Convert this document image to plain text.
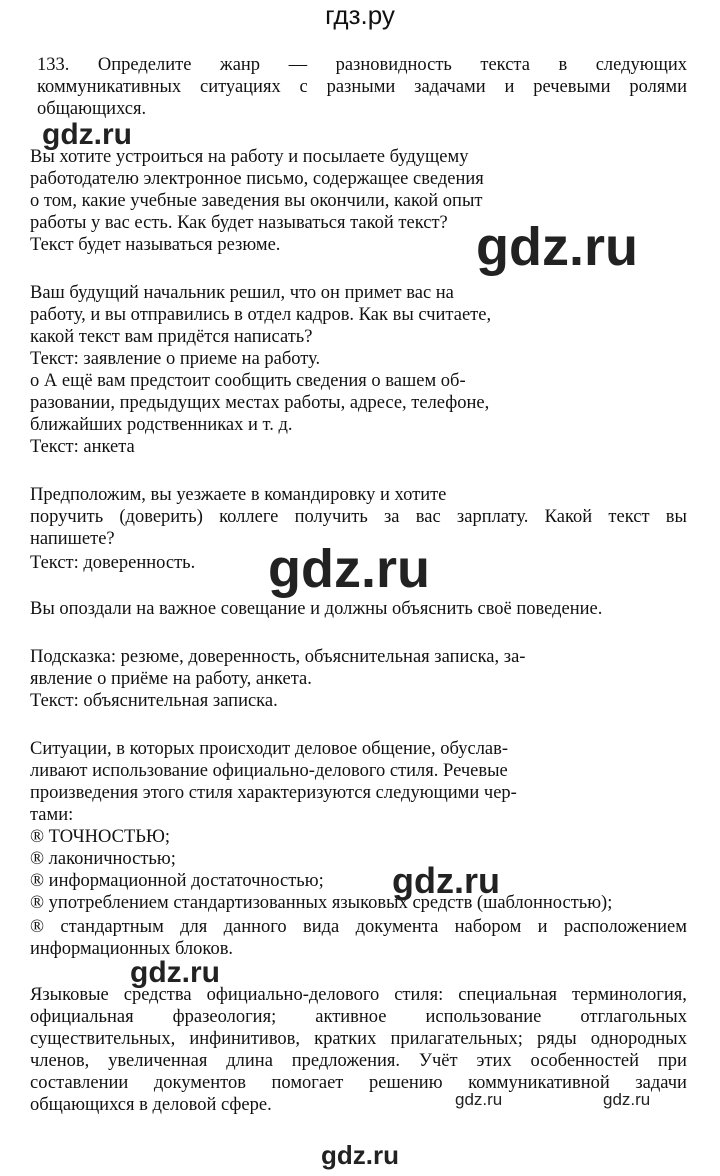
гдз.ру
133. Определите жанр — разновидность текста в следующих
коммуникативных ситуациях с разными задачами и речевыми ролями
общающихся.
gdz.ru
Вы хотите устроиться на работу и посылаете будущему
работодателю электронное письмо, содержащее сведения
о том, какие учебные заведения вы окончили, какой опыт
работы у вас есть. Как будет называться такой текст?
Текст будет называться резюме.	gdz.ru
Ваш будущий начальник решил, что он примет вас на
работу, и вы отправились в отдел кадров. Как вы считаете,
какой текст вам придётся написать?
Текст: заявление о приеме на работу.
о А ещё вам предстоит сообщить сведения о вашем об-
разовании, предыдущих местах работы, адресе, телефоне,
ближайших родственниках и т. д.
Текст: анкета
Предположим, вы уезжаете в командировку и хотите
поручить (доверить) коллеге получить за вас зарплату. Какой текст вы
напишете?
Текст: доверенность. gdz.ru
Вы опоздали на важное совещание и должны объяснить своё поведение.
Подсказка: резюме, доверенность, объяснительная записка, за-
явление о приёме на работу, анкета.
Текст: объяснительная записка.
Ситуации, в которых происходит деловое общение, обуслав-
ливают использование официально-делового стиля. Речевые
произведения этого стиля характеризуются следующими чер-
тами:
® ТОЧНОСТЬЮ;
® лаконичностью;
® информационной достаточностью;
® употреблением стандартизованных языковых средств (шаблонностью);
® стандартным для данного вида документа набором и расположением
информационных блоков.
gdz.ru
gdz.ru
Языковые средства официально-делового стиля: специальная терминология,
официальная фразеология; активное использование отглагольных
существительных, инфинитивов, кратких прилагательных; ряды однородных
членов, увеличенная длина предложения. Учёт этих особенностей при
составлении документов помогает решению коммуникативной задачи
общающихся в деловой сфере.	gdz.ru	gdz.ru
gdz.ru
